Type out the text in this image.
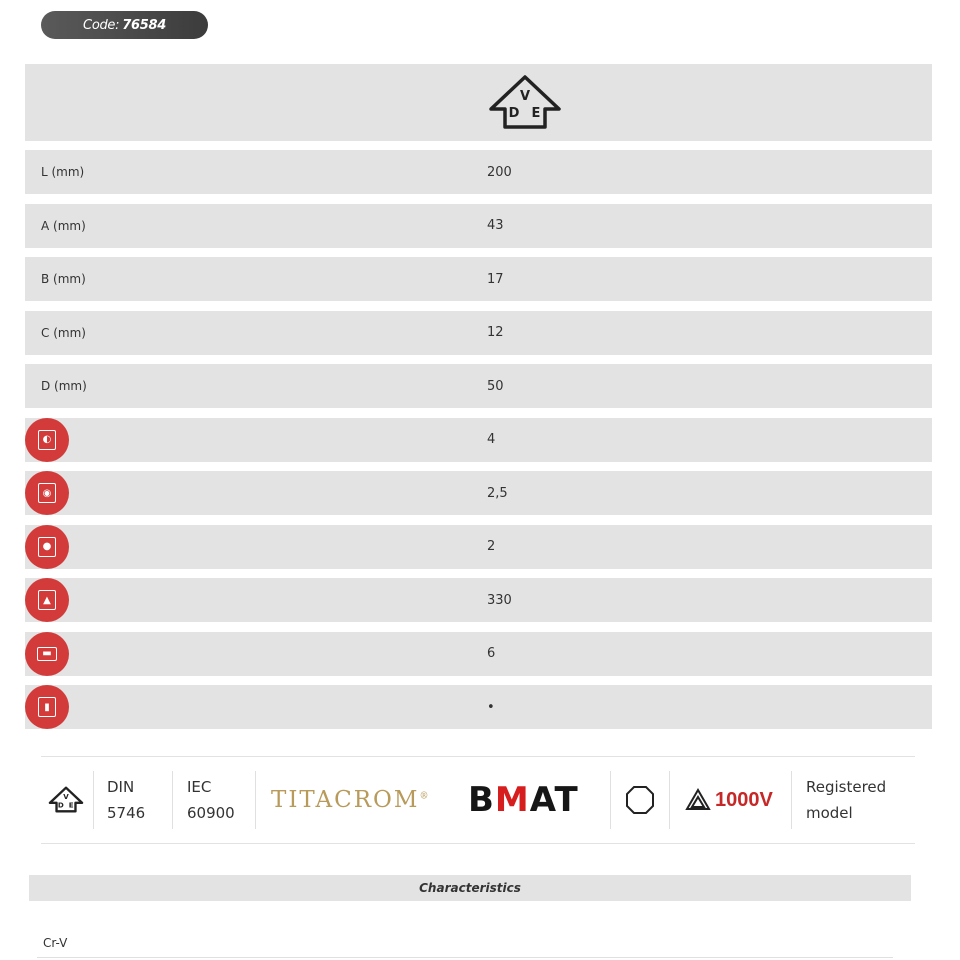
Code: 76584
V
D E
L (mm)	200
A (mm)	43
B (mm)	17
C (mm)	12
D (mm)	50
◐	4
◉	2,5
●	2
▲	330
▬	6
▮	•
V
D E
DIN
5746
IEC
60900 TITACROM® BMAT	1000V
Registered
model
Characteristics
Cr-V
